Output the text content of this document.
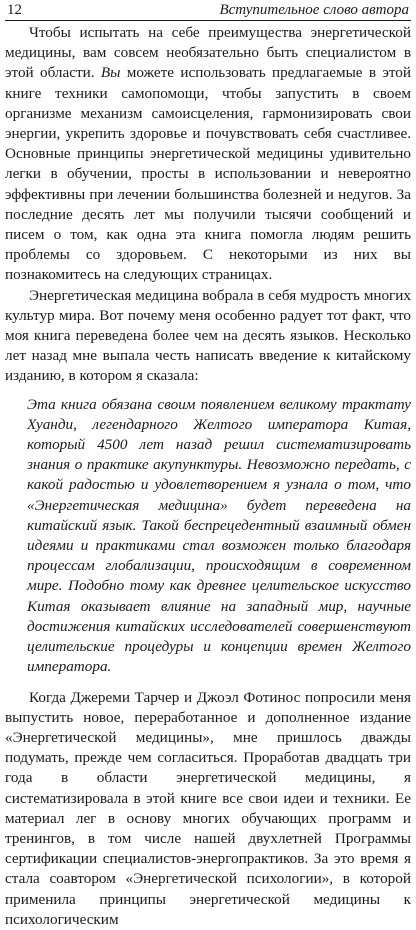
12	Вступительное слово автора

Чтобы испытать на себе преимущества энергетической медицины, вам совсем необязательно быть специалистом в этой области. Вы можете использовать предлагаемые в этой книге техники самопомощи, чтобы запустить в своем организме механизм самоисцеления, гармонизировать свои энергии, укрепить здоровье и почувствовать себя счастливее. Основные принципы энергетической медицины удивительно легки в обучении, просты в использовании и невероятно эффективны при лечении большинства болезней и недугов. За последние десять лет мы получили тысячи сообщений и писем о том, как одна эта книга помогла людям решить проблемы со здоровьем. С некоторыми из них вы познакомитесь на следующих страницах.

Энергетическая медицина вобрала в себя мудрость многих культур мира. Вот почему меня особенно радует тот факт, что моя книга переведена более чем на десять языков. Несколько лет назад мне выпала честь написать введение к китайскому изданию, в котором я сказала:

Эта книга обязана своим появлением великому трактату Хуанди, легендарного Желтого императора Китая, который 4500 лет назад решил систематизировать знания о практике акупунктуры. Невозможно передать, с какой радостью и удовлетворением я узнала о том, что «Энергетическая медицина» будет переведена на китайский язык. Такой беспрецедентный взаимный обмен идеями и практиками стал возможен только благодаря процессам глобализации, происходящим в современном мире. Подобно тому как древнее целительское искусство Китая оказывает влияние на западный мир, научные достижения китайских исследователей совершенствуют целительские процедуры и концепции времен Желтого императора.

Когда Джереми Тарчер и Джоэл Фотинос попросили меня выпустить новое, переработанное и дополненное издание «Энергетической медицины», мне пришлось дважды подумать, прежде чем согласиться. Проработав двадцать три года в области энергетической медицины, я систематизировала в этой книге все свои идеи и техники. Ее материал лег в основу многих обучающих программ и тренингов, в том числе нашей двухлетней Программы сертификации специалистов-энергопрактиков. За это время я стала соавтором «Энергетической психологии», в которой применила принципы энергетической медицины к психологическим
